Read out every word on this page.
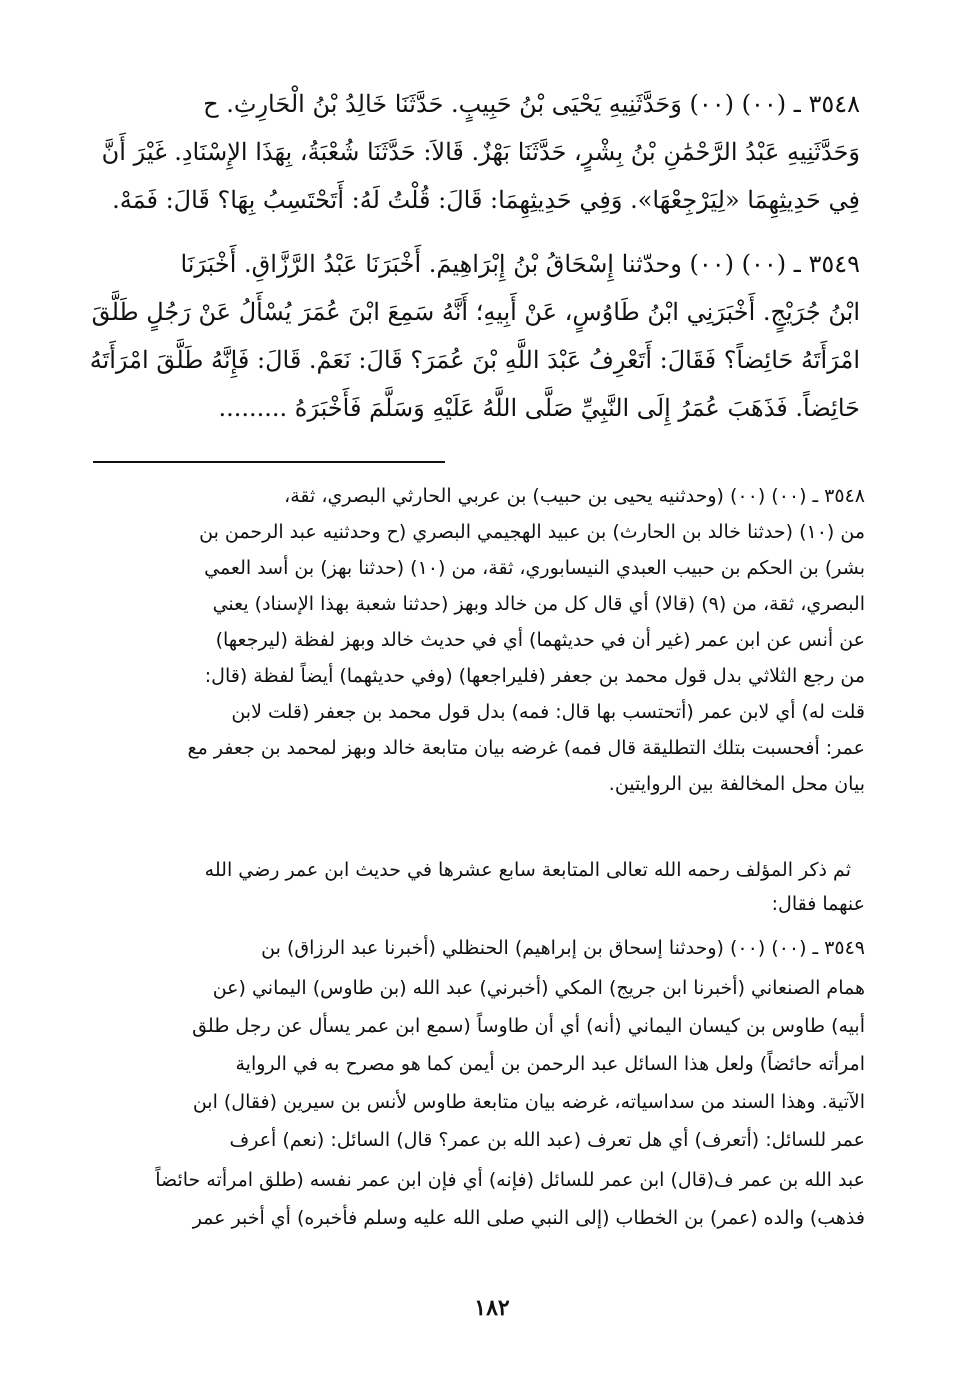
٣٥٤٨ ـ (٠٠) (٠٠) وَحَدَّثَنِيهِ يَحْيَى بْنُ حَبِيبٍ. حَدَّثَنَا خَالِدُ بْنُ الْحَارِثِ. ح
وَحَدَّثَنِيهِ عَبْدُ الرَّحْمَٰنِ بْنُ بِشْرٍ، حَدَّثَنَا بَهْزٌ. قَالاَ: حَدَّثَنَا شُعْبَةُ، بِهَذَا الإِسْنَادِ. غَيْرَ أَنَّ
فِي حَدِيثِهِمَا «لِيَرْجِعْهَا». وَفِي حَدِيثِهِمَا: قَالَ: قُلْتُ لَهُ: أَتَحْتَسِبُ بِهَا؟ قَالَ: فَمَهْ.
٣٥٤٩ ـ (٠٠) (٠٠) وحدّثنا إِسْحَاقُ بْنُ إِبْرَاهِيمَ. أَخْبَرَنَا عَبْدُ الرَّزَّاقِ. أَخْبَرَنَا
ابْنُ جُرَيْجٍ. أَخْبَرَنِي ابْنُ طَاوُسٍ، عَنْ أَبِيهِ؛ أَنَّهُ سَمِعَ ابْنَ عُمَرَ يُسْأَلُ عَنْ رَجُلٍ طَلَّقَ
امْرَأَتَهُ حَائِضاً؟ فَقَالَ: أَتَعْرِفُ عَبْدَ اللَّهِ بْنَ عُمَرَ؟ قَالَ: نَعَمْ. قَالَ: فَإِنَّهُ طَلَّقَ امْرَأَتَهُ
حَائِضاً. فَذَهَبَ عُمَرُ إِلَى النَّبِيِّ صَلَّى اللَّهُ عَلَيْهِ وَسَلَّمَ فَأَخْبَرَهُ .........
٣٥٤٨ ـ (٠٠) (٠٠) (وحدثنيه يحيى بن حبيب) بن عربي الحارثي البصري، ثقة،
من (١٠) (حدثنا خالد بن الحارث) بن عبيد الهجيمي البصري (ح وحدثنيه عبد الرحمن بن
بشر) بن الحكم بن حبيب العبدي النيسابوري، ثقة، من (١٠) (حدثنا بهز) بن أسد العمي
البصري، ثقة، من (٩) (قالا) أي قال كل من خالد وبهز (حدثنا شعبة بهذا الإسناد) يعني
عن أنس عن ابن عمر (غير أن في حديثهما) أي في حديث خالد وبهز لفظة (ليرجعها)
من رجع الثلاثي بدل قول محمد بن جعفر (فليراجعها) (وفي حديثهما) أيضاً لفظة (قال:
قلت له) أي لابن عمر (أتحتسب بها قال: فمه) بدل قول محمد بن جعفر (قلت لابن
عمر: أفحسبت بتلك التطليقة قال فمه) غرضه بيان متابعة خالد وبهز لمحمد بن جعفر مع
بيان محل المخالفة بين الروايتين.
ثم ذكر المؤلف رحمه الله تعالى المتابعة سابع عشرها في حديث ابن عمر رضي الله
عنهما فقال:
٣٥٤٩ ـ (٠٠) (٠٠) (وحدثنا إسحاق بن إبراهيم) الحنظلي (أخبرنا عبد الرزاق) بن
همام الصنعاني (أخبرنا ابن جريج) المكي (أخبرني) عبد الله (بن طاوس) اليماني (عن
أبيه) طاوس بن كيسان اليماني (أنه) أي أن طاوساً (سمع ابن عمر يسأل عن رجل طلق
امرأته حائضاً) ولعل هذا السائل عبد الرحمن بن أيمن كما هو مصرح به في الرواية
الآتية. وهذا السند من سداسياته، غرضه بيان متابعة طاوس لأنس بن سيرين (فقال) ابن
عمر للسائل: (أتعرف) أي هل تعرف (عبد الله بن عمر؟ قال) السائل: (نعم) أعرف
عبد الله بن عمر ف(قال) ابن عمر للسائل (فإنه) أي فإن ابن عمر نفسه (طلق امرأته حائضاً
فذهب) والده (عمر) بن الخطاب (إلى النبي صلى الله عليه وسلم فأخبره) أي أخبر عمر
١٨٢
